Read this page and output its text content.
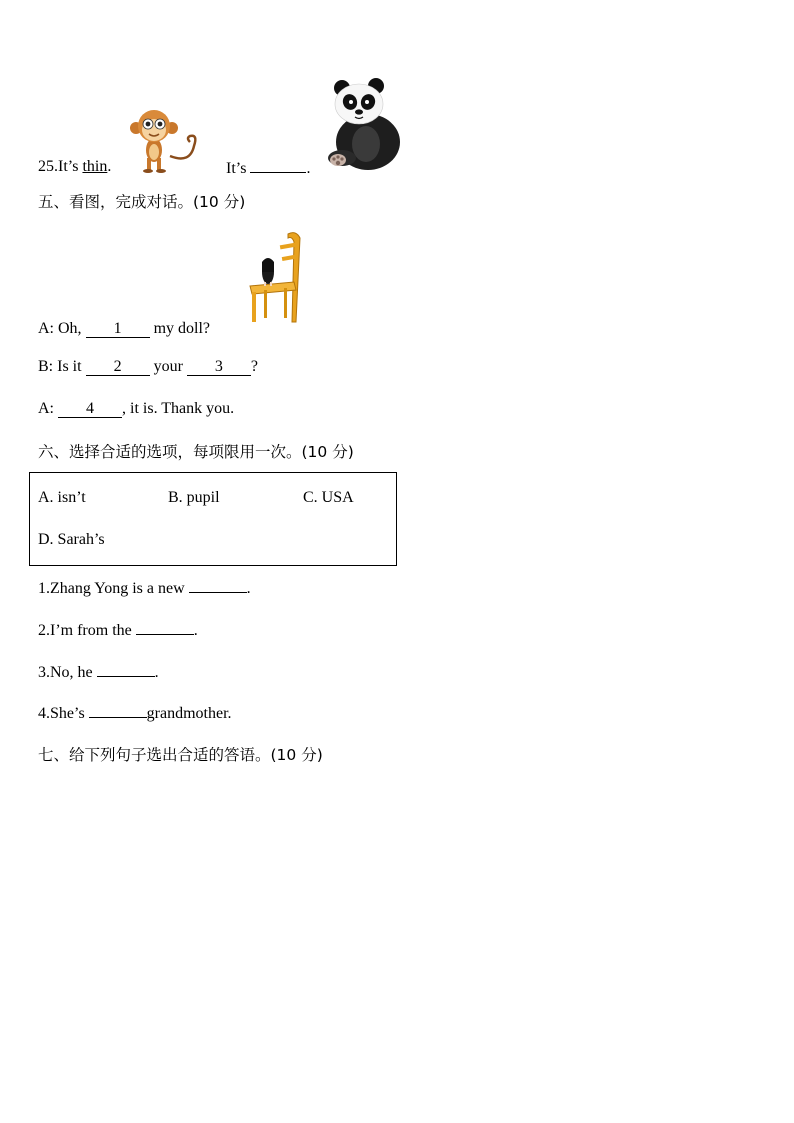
25.It’s thin.	It’s	.
五、看图，完成对话。(10 分)
A: Oh, 1 my doll?
B: Is it 2 your 3 ?
A: 4 , it is. Thank you.
六、选择合适的选项，每项限用一次。(10 分)
A. isn’t	B. pupil	C. USA
D. Sarah’s
1.Zhang Yong is a new	.
2.I’m from the	.
3.No, he	.
4.She’s	grandmother.
七、给下列句子选出合适的答语。(10 分)
